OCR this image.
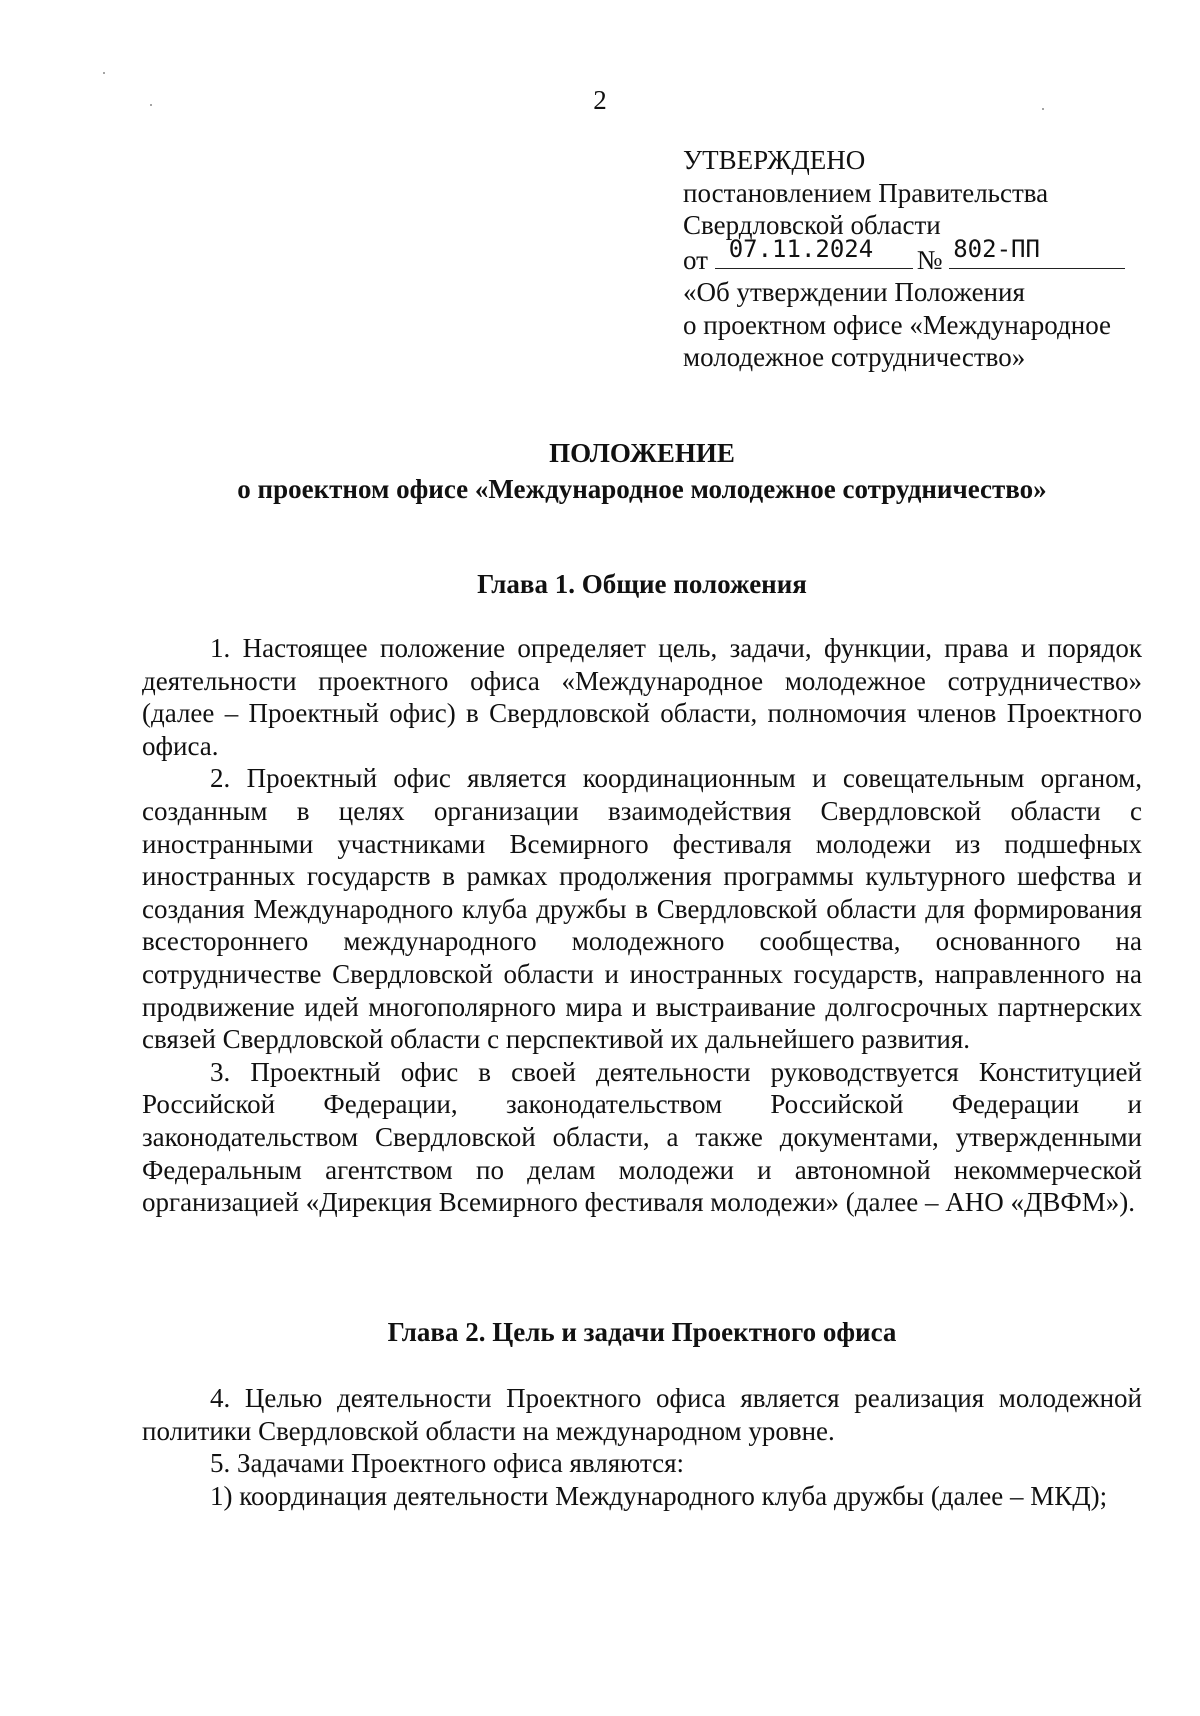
2
УТВЕРЖДЕНО
постановлением Правительства
Свердловской области
от 07.11.2024 № 802-ПП
«Об утверждении Положения
о проектном офисе «Международное
молодежное сотрудничество»
ПОЛОЖЕНИЕ
о проектном офисе «Международное молодежное сотрудничество»
Глава 1. Общие положения

1. Настоящее положение определяет цель, задачи, функции, права и порядок деятельности проектного офиса «Международное молодежное сотрудничество» (далее – Проектный офис) в Свердловской области, полномочия членов Проектного офиса.

2. Проектный офис является координационным и совещательным органом, созданным в целях организации взаимодействия Свердловской области с иностранными участниками Всемирного фестиваля молодежи из подшефных иностранных государств в рамках продолжения программы культурного шефства и создания Международного клуба дружбы в Свердловской области для формирования всестороннего международного молодежного сообщества, основанного на сотрудничестве Свердловской области и иностранных государств, направленного на продвижение идей многополярного мира и выстраивание долгосрочных партнерских связей Свердловской области с перспективой их дальнейшего развития.

3. Проектный офис в своей деятельности руководствуется Конституцией Российской Федерации, законодательством Российской Федерации и законодательством Свердловской области, а также документами, утвержденными Федеральным агентством по делам молодежи и автономной некоммерческой организацией «Дирекция Всемирного фестиваля молодежи» (далее – АНО «ДВФМ»).

Глава 2. Цель и задачи Проектного офиса

4. Целью деятельности Проектного офиса является реализация молодежной политики Свердловской области на международном уровне.

5. Задачами Проектного офиса являются:

1) координация деятельности Международного клуба дружбы (далее – МКД);
